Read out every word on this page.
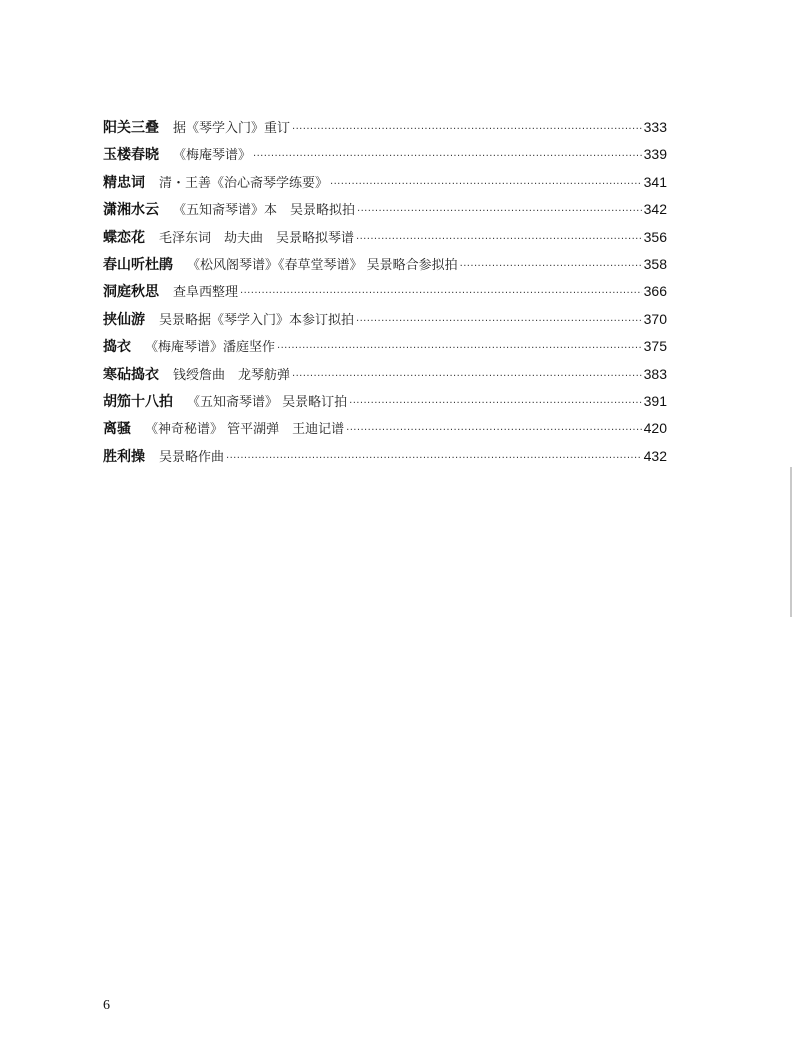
阳关三叠 据《琴学入门》重订 ·····	333
玉楼春晓 《梅庵琴谱》 ·····	339
精忠词 清・王善《治心斋琴学练要》 ·····	341
潇湘水云 《五知斋琴谱》本　吴景略拟拍 ·····	342
蝶恋花 毛泽东词　劫夫曲　吴景略拟琴谱 ·····	356
春山听杜鹃 《松风阁琴谱》《春草堂琴谱》 吴景略合参拟拍 ·····	358
洞庭秋思 查阜西整理 ·····	366
挟仙游 吴景略据《琴学入门》本参订拟拍 ·····	370
捣衣 《梅庵琴谱》潘庭坚作 ·····	375
寒砧捣衣 钱绶詹曲　龙琴舫弹 ·····	383
胡笳十八拍 《五知斋琴谱》 吴景略订拍 ·····	391
离骚 《神奇秘谱》 管平湖弹　王迪记谱 ·····	420
胜利操 吴景略作曲 ·····	432
6
